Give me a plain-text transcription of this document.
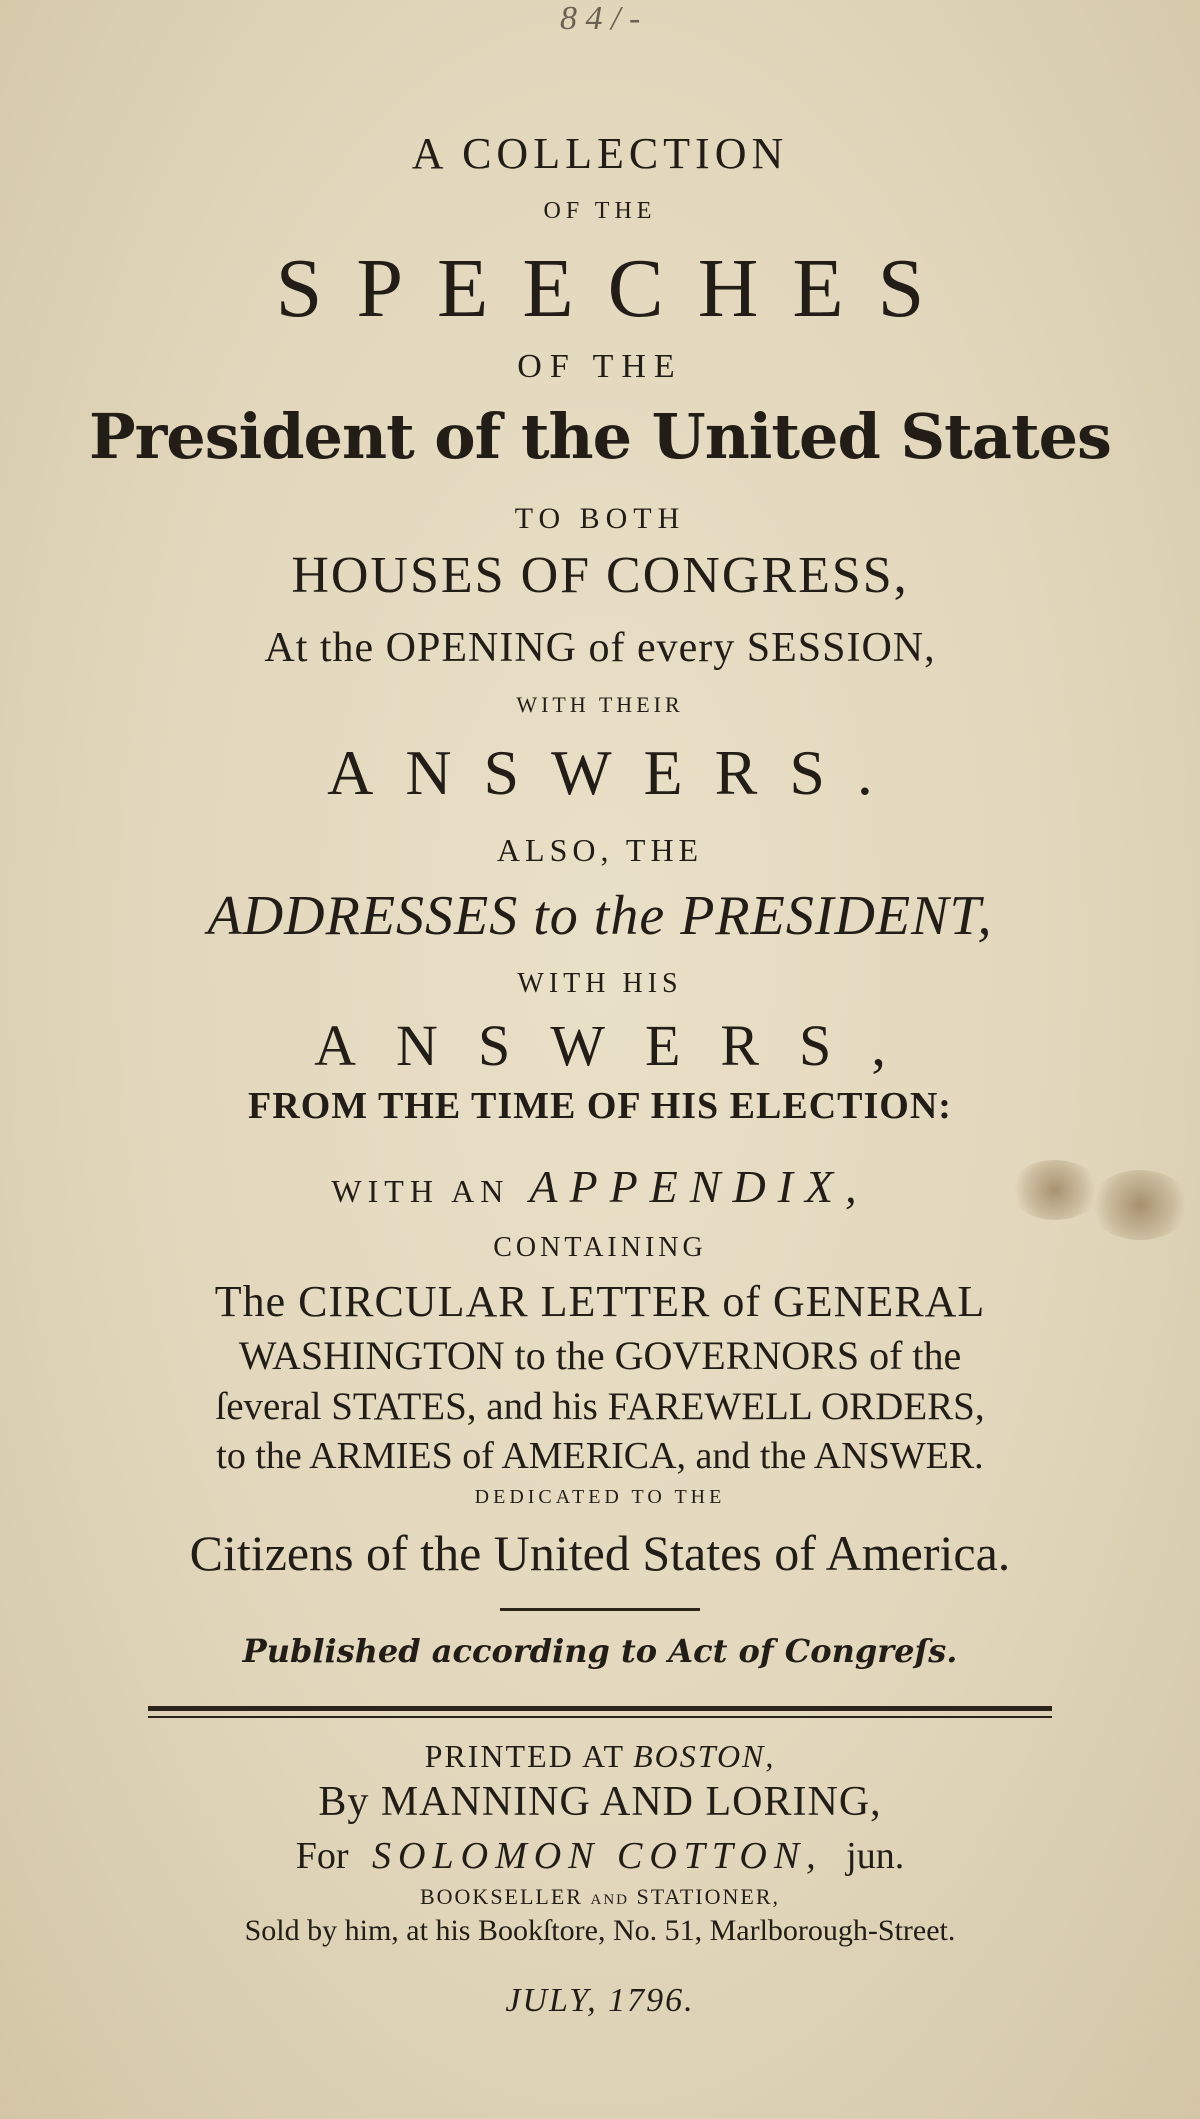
8 4 / -
A COLLECTION
OF THE
SPEECHES
OF THE
President of the United States
TO BOTH
HOUSES OF CONGRESS,
At the OPENING of every SESSION,
WITH THEIR
ANSWERS.
ALSO, THE
ADDRESSES to the PRESIDENT,
WITH HIS
ANSWERS,
FROM THE TIME OF HIS ELECTION:
WITH AN APPENDIX,
CONTAINING
The CIRCULAR LETTER of GENERAL
WASHINGTON to the GOVERNORS of the
ſeveral STATES, and his FAREWELL ORDERS,
to the ARMIES of AMERICA, and the ANSWER.
DEDICATED TO THE
Citizens of the United States of America.
Published according to Act of Congreſs.
PRINTED AT BOSTON,
By MANNING AND LORING,
For SOLOMON COTTON, jun.
BOOKSELLER and STATIONER,
Sold by him, at his Bookſtore, No. 51, Marlborough-Street.
JULY, 1796.
